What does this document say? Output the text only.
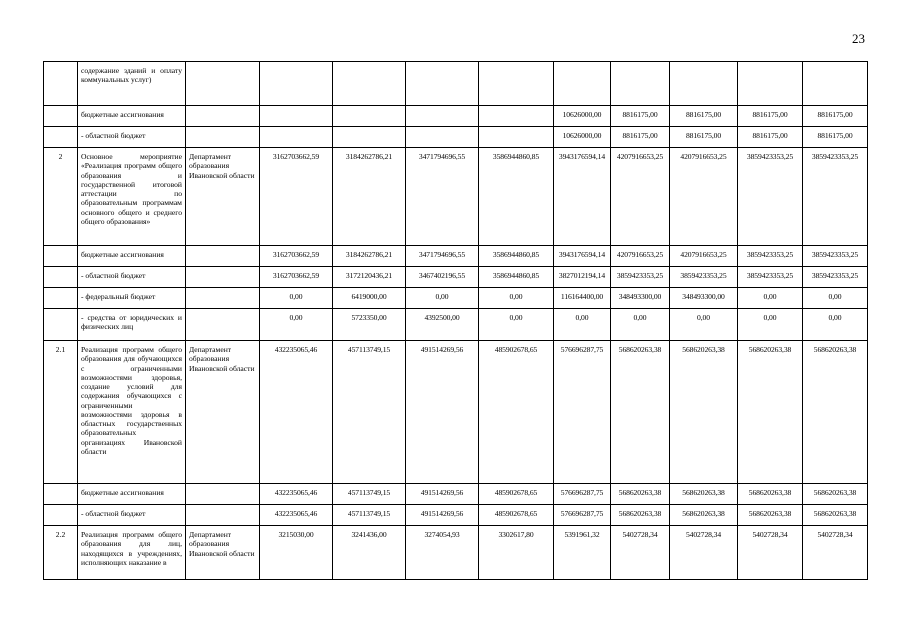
23
	содержание зданий и оплату коммунальных услуг)										
	бюджетные ассигнования						10626000,00	8816175,00	8816175,00	8816175,00	8816175,00
	- областной бюджет						10626000,00	8816175,00	8816175,00	8816175,00	8816175,00
2	Основное мероприятие «Реализация программ общего образования и государственной итоговой аттестации по образовательным программам основного общего и среднего общего образования»	Департамент образования Ивановской области	3162703662,59	3184262786,21	3471794696,55	3586944860,85	3943176594,14	4207916653,25	4207916653,25	3859423353,25	3859423353,25
	бюджетные ассигнования		3162703662,59	3184262786,21	3471794696,55	3586944860,85	3943176594,14	4207916653,25	4207916653,25	3859423353,25	3859423353,25
	- областной бюджет		3162703662,59	3172120436,21	3467402196,55	3586944860,85	3827012194,14	3859423353,25	3859423353,25	3859423353,25	3859423353,25
	- федеральный бюджет		0,00	6419000,00	0,00	0,00	116164400,00	348493300,00	348493300,00	0,00	0,00
	- средства от юридических и физических лиц		0,00	5723350,00	4392500,00	0,00	0,00	0,00	0,00	0,00	0,00
2.1	Реализация программ общего образования для обучающихся с ограниченными возможностями здоровья, создание условий для содержания обучающихся с ограниченными возможностями здоровья в областных государственных образовательных организациях Ивановской области	Департамент образования Ивановской области	432235065,46	457113749,15	491514269,56	485902678,65	576696287,75	568620263,38	568620263,38	568620263,38	568620263,38
	бюджетные ассигнования		432235065,46	457113749,15	491514269,56	485902678,65	576696287,75	568620263,38	568620263,38	568620263,38	568620263,38
	- областной бюджет		432235065,46	457113749,15	491514269,56	485902678,65	576696287,75	568620263,38	568620263,38	568620263,38	568620263,38
2.2	Реализация программ общего образования для лиц, находящихся в учреждениях, исполняющих наказание в	Департамент образования Ивановской области	3215030,00	3241436,00	3274054,93	3302617,80	5391961,32	5402728,34	5402728,34	5402728,34	5402728,34
